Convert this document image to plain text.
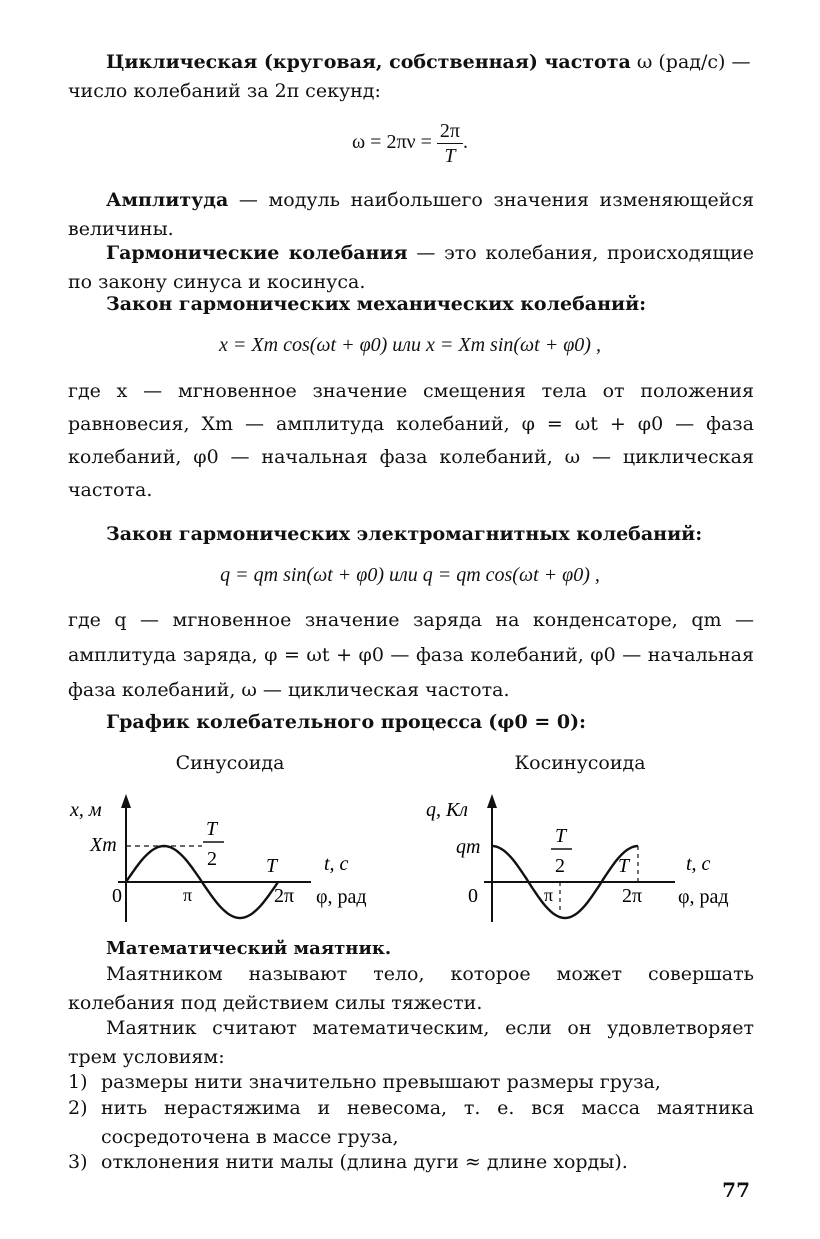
Циклическая (круговая, собственная) частота ω (рад/с) —
число колебаний за 2π секунд:
$\omega = 2\pi\nu = \frac{2\pi}{T}$ .
Амплитуда — модуль наибольшего значения изменяющейся величины.
Гармонические колебания — это колебания, происходящие по закону синуса и косинуса.
Закон гармонических механических колебаний:
x = Xm cos(ωt + φ0) или x = Xm sin(ωt + φ0) ,
где x — мгновенное значение смещения тела от положения равновесия, Xm — амплитуда колебаний, φ = ωt + φ0 — фаза колебаний, φ0 — начальная фаза колебаний, ω — циклическая частота.
Закон гармонических электромагнитных колебаний:
q = qm sin(ωt + φ0) или q = qm cos(ωt + φ0) ,
где q — мгновенное значение заряда на конденсаторе, qm — амплитуда заряда, φ = ωt + φ0 — фаза колебаний, φ0 — начальная фаза колебаний, ω — циклическая частота.
График колебательного процесса (φ0 = 0):
Синусоида	Косинусоида
x, м
Xm
0
T
2 T
π	2π
t, с
φ, рад
q, Кл
qm
0
T
2	T
π	2π
t, с
φ, рад
Математический маятник.
Маятником называют тело, которое может совершать колебания под действием силы тяжести.
Маятник считают математическим, если он удовлетворяет трем условиям:
1) размеры нити значительно превышают размеры груза,
2) нить нерастяжима и невесома, т. е. вся масса маятника сосредоточена в массе груза,
3) отклонения нити малы (длина дуги ≈ длине хорды).
77
